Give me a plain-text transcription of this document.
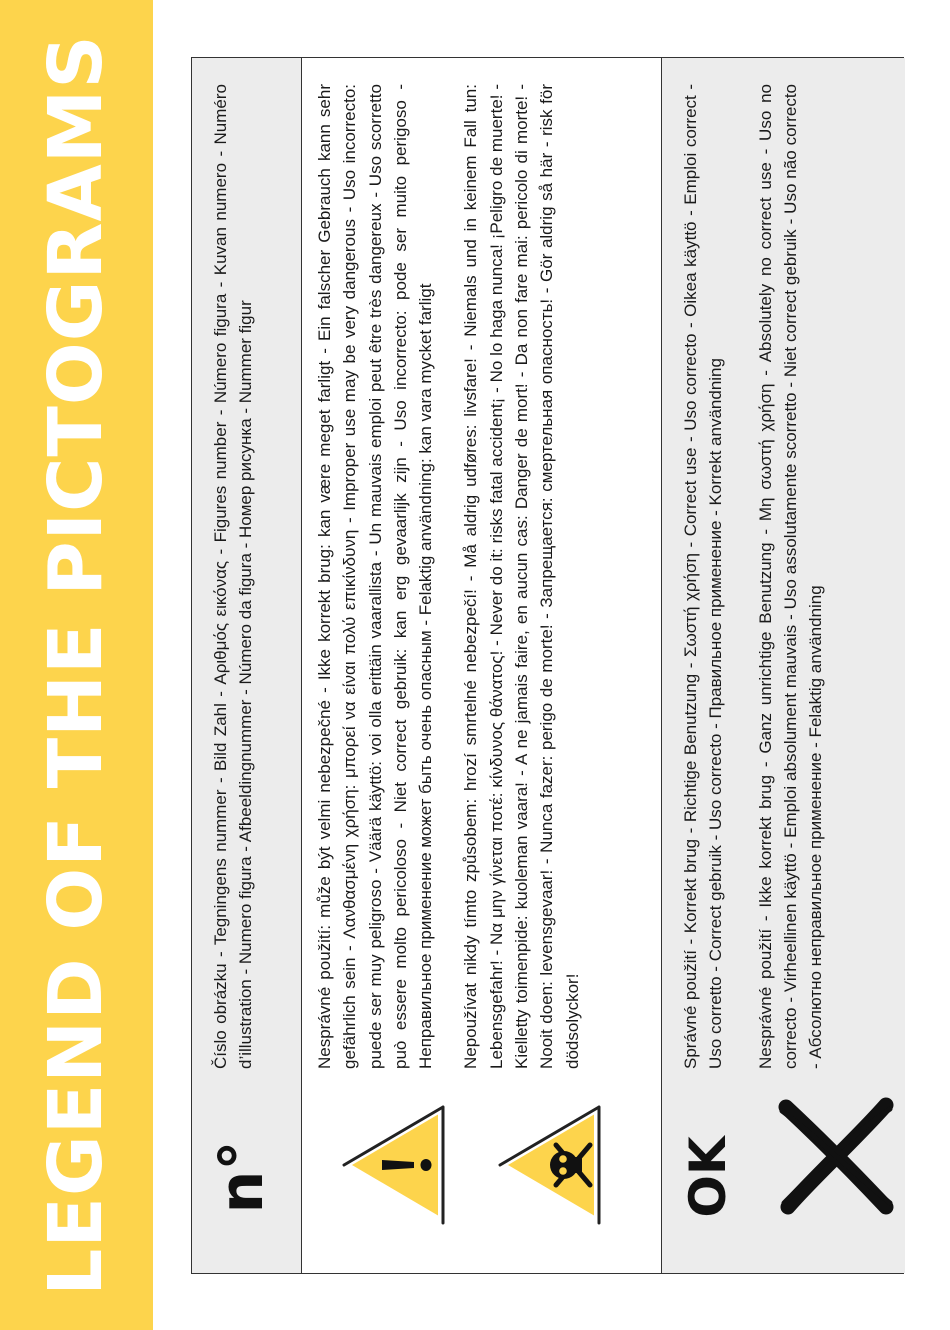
LEGEND OF THE PICTOGRAMS n°

Číslo obrázku - Tegningens nummer - Bild Zahl - Αριθμός εικόνας - Figures number - Número figura - Kuvan numero - Numéro d’illustration - Numero figura - Afbeeldingnummer - Número da figura - Номер рисунка - Nummer figur	Nesprávné použití: může být velmi nebezpečné - Ikke korrekt brug: kan være meget farligt - Ein falscher Gebrauch kann sehr gefährlich sein - Λανθασμένη χρήση: μπορεί να είναι πολύ επικίνδυνη - Improper use may be very dangerous - Uso incorrecto: puede ser muy peligroso - Väärä käyttö: voi olla erittäin vaarallista - Un mauvais emploi peut être très dangereux - Uso scorretto può essere molto pericoloso - Niet correct gebruik: kan erg gevaarlijk zijn - Uso incorrecto: pode ser muito perigoso - Неправильное применение может быть очень опасным - Felaktig användning: kan vara mycket farligt Nepoužívat nikdy tímto způsobem: hrozí smrtelné nebezpečí! - Må aldrig udføres: livsfare! - Niemals und in keinem Fall tun: Lebensgefahr! - Να μην γίνεται ποτέ: κίνδυνος θάνατος! - Never do it: risks fatal accident¡ - No lo haga nunca! ¡Peligro de muerte! - Kielletty toimenpide: kuoleman vaara! - A ne jamais faire, en aucun cas: Danger de mort! - Da non fare mai: pericolo di morte! - Nooit doen: levensgevaar! - Nunca fazer: perigo de morte! - Запрещается: смертельная опасность! - Gör aldrig så här - risk för dödsolyckor!

OK

Správné použití - Korrekt brug - Richtige Benutzung - Σωστή χρήση - Correct use - Uso correcto - Oikea käyttö - Emploi correct - Uso corretto - Correct gebruik - Uso correcto - Правильное применение - Korrekt användning Nesprávné použití - Ikke korrekt brug - Ganz unrichtige Benutzung - Μη σωστή χρήση - Absolutely no correct use - Uso no correcto - Virheellinen käyttö - Emploi absolument mauvais - Uso assolutamente scorretto - Niet correct gebruik - Uso não correcto - Абсолютно неправильное применение - Felaktig användning
